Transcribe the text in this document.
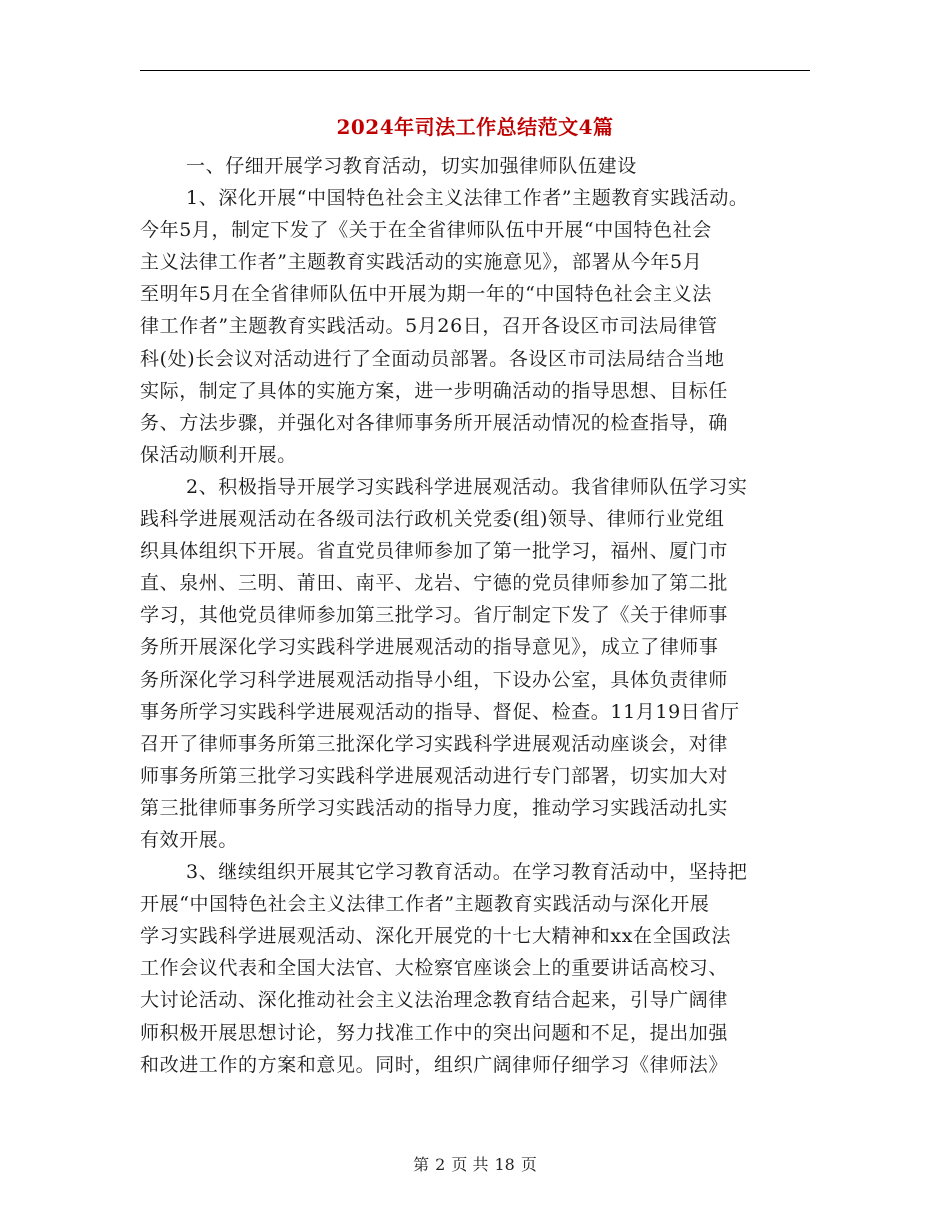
2024年司法工作总结范文4篇
一、仔细开展学习教育活动，切实加强律师队伍建设
1、深化开展“中国特色社会主义法律工作者”主题教育实践活动。
今年5月，制定下发了《关于在全省律师队伍中开展“中国特色社会
主义法律工作者”主题教育实践活动的实施意见》，部署从今年5月
至明年5月在全省律师队伍中开展为期一年的“中国特色社会主义法
律工作者”主题教育实践活动。5月26日，召开各设区市司法局律管
科(处)长会议对活动进行了全面动员部署。各设区市司法局结合当地
实际，制定了具体的实施方案，进一步明确活动的指导思想、目标任
务、方法步骤，并强化对各律师事务所开展活动情况的检查指导，确
保活动顺利开展。
2、积极指导开展学习实践科学进展观活动。我省律师队伍学习实
践科学进展观活动在各级司法行政机关党委(组)领导、律师行业党组
织具体组织下开展。省直党员律师参加了第一批学习，福州、厦门市
直、泉州、三明、莆田、南平、龙岩、宁德的党员律师参加了第二批
学习，其他党员律师参加第三批学习。省厅制定下发了《关于律师事
务所开展深化学习实践科学进展观活动的指导意见》，成立了律师事
务所深化学习科学进展观活动指导小组，下设办公室，具体负责律师
事务所学习实践科学进展观活动的指导、督促、检查。11月19日省厅
召开了律师事务所第三批深化学习实践科学进展观活动座谈会，对律
师事务所第三批学习实践科学进展观活动进行专门部署，切实加大对
第三批律师事务所学习实践活动的指导力度，推动学习实践活动扎实
有效开展。
3、继续组织开展其它学习教育活动。在学习教育活动中，坚持把
开展“中国特色社会主义法律工作者”主题教育实践活动与深化开展
学习实践科学进展观活动、深化开展党的十七大精神和xx在全国政法
工作会议代表和全国大法官、大检察官座谈会上的重要讲话高校习、
大讨论活动、深化推动社会主义法治理念教育结合起来，引导广阔律
师积极开展思想讨论，努力找准工作中的突出问题和不足，提出加强
和改进工作的方案和意见。同时，组织广阔律师仔细学习《律师法》
第 2 页 共 18 页
